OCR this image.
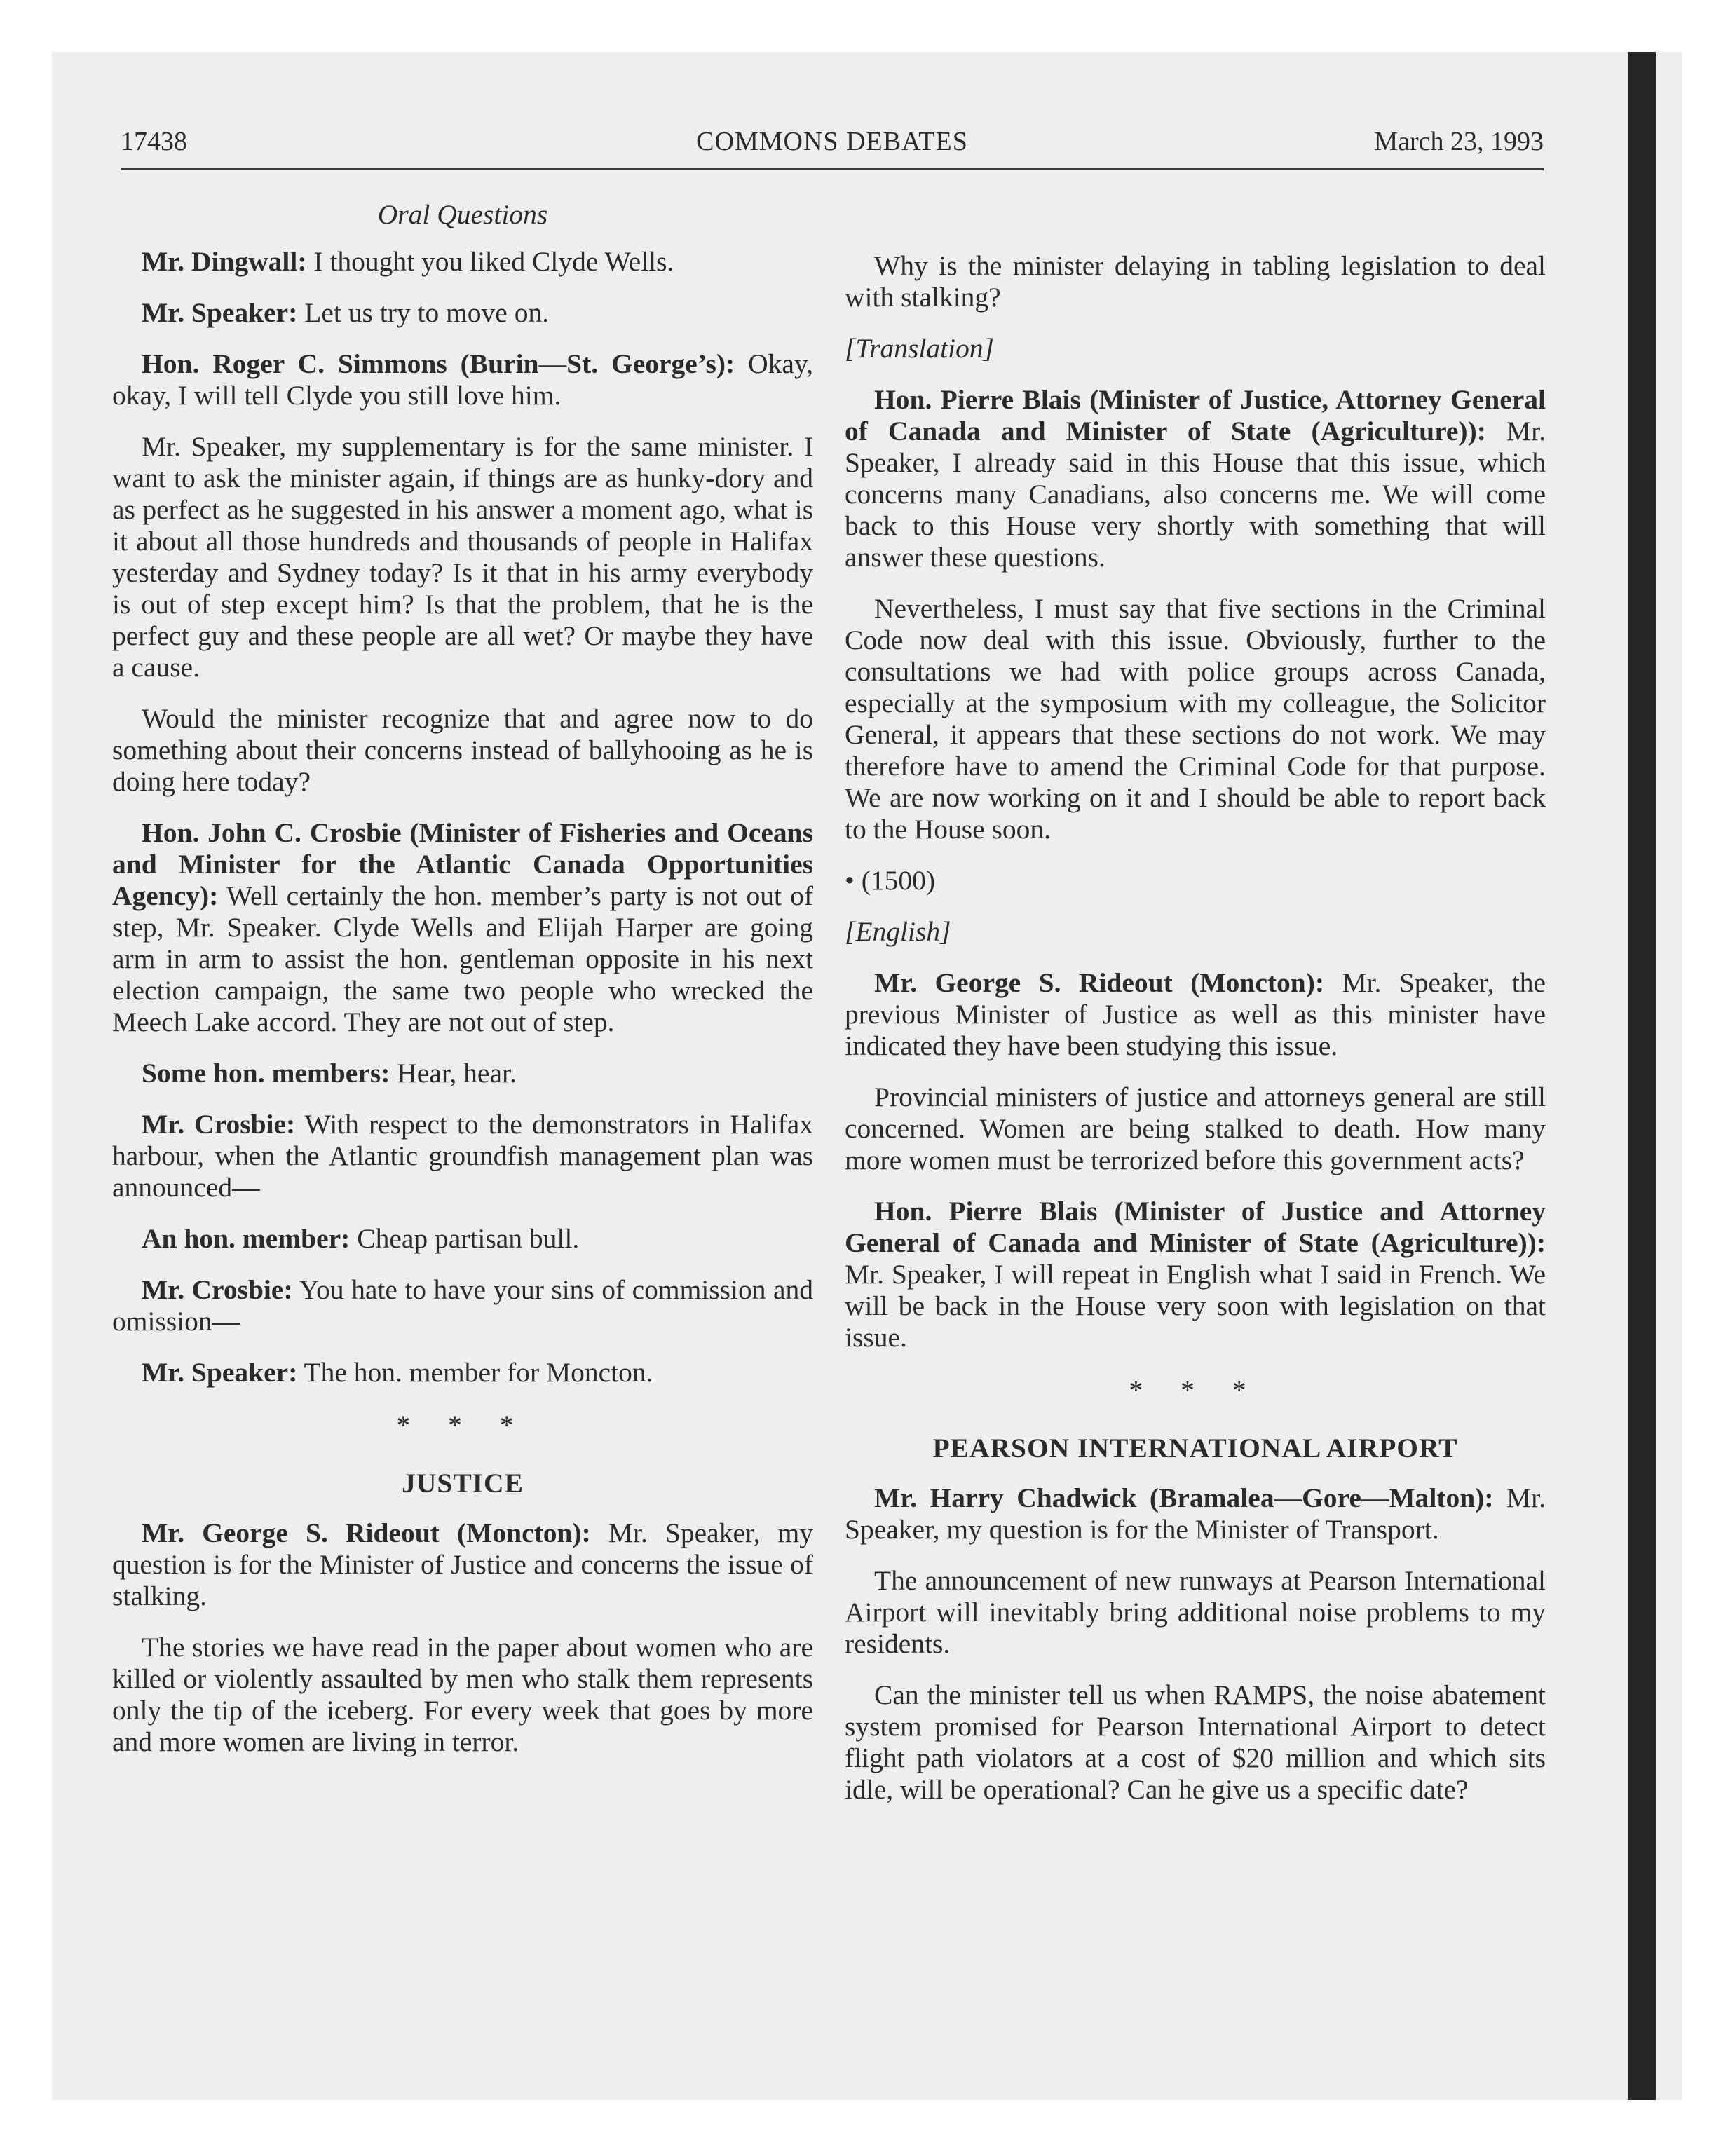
17438	COMMONS DEBATES	March 23, 1993
Oral Questions

Mr. Dingwall: I thought you liked Clyde Wells.

Mr. Speaker: Let us try to move on.

Hon. Roger C. Simmons (Burin—St. George’s): Okay, okay, I will tell Clyde you still love him.

Mr. Speaker, my supplementary is for the same minister. I want to ask the minister again, if things are as hunky-dory and as perfect as he suggested in his answer a moment ago, what is it about all those hundreds and thousands of people in Halifax yesterday and Sydney today? Is it that in his army everybody is out of step except him? Is that the problem, that he is the perfect guy and these people are all wet? Or maybe they have a cause.

Would the minister recognize that and agree now to do something about their concerns instead of ballyhooing as he is doing here today?

Hon. John C. Crosbie (Minister of Fisheries and Oceans and Minister for the Atlantic Canada Opportunities Agency): Well certainly the hon. member’s party is not out of step, Mr. Speaker. Clyde Wells and Elijah Harper are going arm in arm to assist the hon. gentleman opposite in his next election campaign, the same two people who wrecked the Meech Lake accord. They are not out of step.

Some hon. members: Hear, hear.

Mr. Crosbie: With respect to the demonstrators in Halifax harbour, when the Atlantic groundfish management plan was announced—

An hon. member: Cheap partisan bull.

Mr. Crosbie: You hate to have your sins of commission and omission—

Mr. Speaker: The hon. member for Moncton.

* * *
JUSTICE

Mr. George S. Rideout (Moncton): Mr. Speaker, my question is for the Minister of Justice and concerns the issue of stalking.

The stories we have read in the paper about women who are killed or violently assaulted by men who stalk them represents only the tip of the iceberg. For every week that goes by more and more women are living in terror.

Why is the minister delaying in tabling legislation to deal with stalking?

[Translation]

Hon. Pierre Blais (Minister of Justice, Attorney General of Canada and Minister of State (Agriculture)): Mr. Speaker, I already said in this House that this issue, which concerns many Canadians, also concerns me. We will come back to this House very shortly with something that will answer these questions.

Nevertheless, I must say that five sections in the Criminal Code now deal with this issue. Obviously, further to the consultations we had with police groups across Canada, especially at the symposium with my colleague, the Solicitor General, it appears that these sections do not work. We may therefore have to amend the Criminal Code for that purpose. We are now working on it and I should be able to report back to the House soon.

• (1500)

[English]

Mr. George S. Rideout (Moncton): Mr. Speaker, the previous Minister of Justice as well as this minister have indicated they have been studying this issue.

Provincial ministers of justice and attorneys general are still concerned. Women are being stalked to death. How many more women must be terrorized before this government acts?

Hon. Pierre Blais (Minister of Justice and Attorney General of Canada and Minister of State (Agriculture)): Mr. Speaker, I will repeat in English what I said in French. We will be back in the House very soon with legislation on that issue.

* * *
PEARSON INTERNATIONAL AIRPORT

Mr. Harry Chadwick (Bramalea—Gore—Malton): Mr. Speaker, my question is for the Minister of Transport.

The announcement of new runways at Pearson International Airport will inevitably bring additional noise problems to my residents.

Can the minister tell us when RAMPS, the noise abatement system promised for Pearson International Airport to detect flight path violators at a cost of $20 million and which sits idle, will be operational? Can he give us a specific date?
